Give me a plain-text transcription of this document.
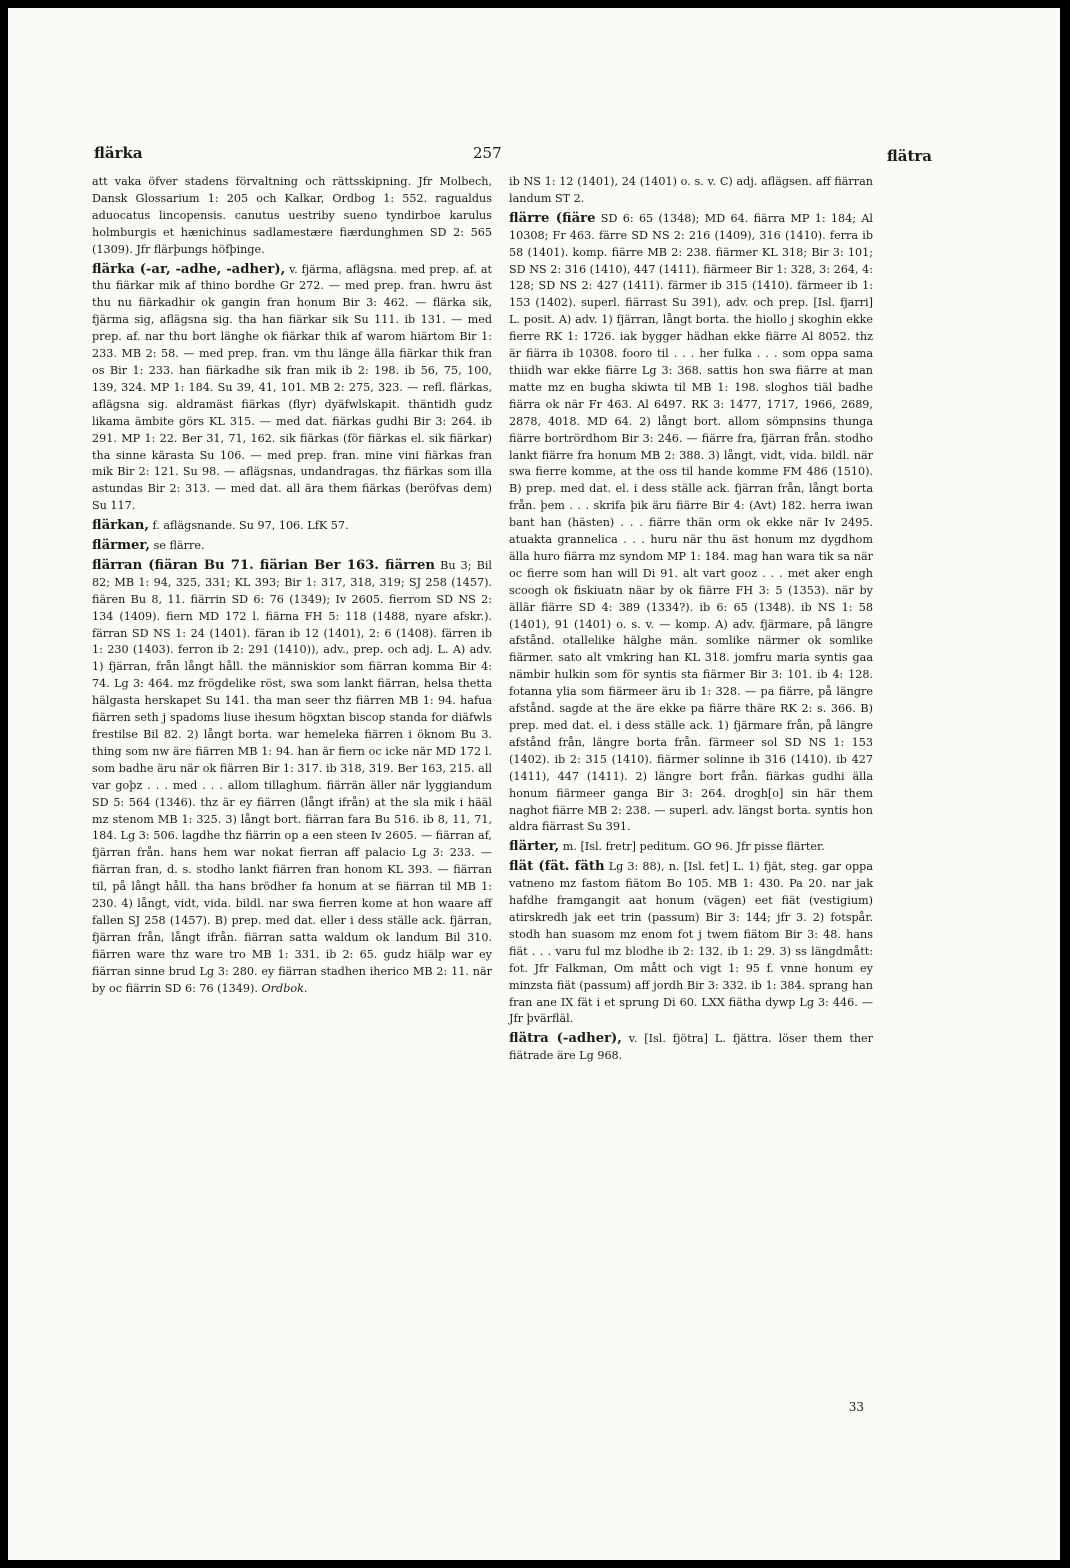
flärka	257	flätra

att vaka öfver stadens förvaltning och rättsskipning. Jfr Molbech, Dansk Glossarium 1: 205 och Kalkar, Ordbog 1: 552. ragualdus aduocatus lincopensis. canutus uestriby sueno tyndirboe karulus holmburgis et hænichinus sadlamestære fiærdunghmen SD 2: 565 (1309). Jfr flärþungs höfþinge.

flärka (-ar, -adhe, -adher), v. fjärma, aflägsna. med prep. af. at thu fiärkar mik af thino bordhe Gr 272. — med prep. fran. hwru äst thu nu fiärkadhir ok gangin fran honum Bir 3: 462. — flärka sik, fjärma sig, aflägsna sig. tha han fiärkar sik Su 111. ib 131. — med prep. af. nar thu bort länghe ok fiärkar thik af warom hiärtom Bir 1: 233. MB 2: 58. — med prep. fran. vm thu länge älla fiärkar thik fran os Bir 1: 233. han fiärkadhe sik fran mik ib 2: 198. ib 56, 75, 100, 139, 324. MP 1: 184. Su 39, 41, 101. MB 2: 275, 323. — refl. flärkas, aflägsna sig. aldramäst fiärkas (flyr) dyäfwlskapit. thäntidh gudz likama ämbite görs KL 315. — med dat. fiärkas gudhi Bir 3: 264. ib 291. MP 1: 22. Ber 31, 71, 162. sik fiärkas (för fiärkas el. sik fiärkar) tha sinne kärasta Su 106. — med prep. fran. mine vini fiärkas fran mik Bir 2: 121. Su 98. — aflägsnas, undandragas. thz fiärkas som illa astundas Bir 2: 313. — med dat. all ära them fiärkas (beröfvas dem) Su 117.

flärkan, f. aflägsnande. Su 97, 106. LfK 57.

flärmer, se flärre.

flärran (fiäran Bu 71. fiärian Ber 163. fiärren Bu 3; Bil 82; MB 1: 94, 325, 331; KL 393; Bir 1: 317, 318, 319; SJ 258 (1457). fiären Bu 8, 11. fiärrin SD 6: 76 (1349); Iv 2605. fierrom SD NS 2: 134 (1409). fiern MD 172 l. fiärna FH 5: 118 (1488, nyare afskr.). färran SD NS 1: 24 (1401). färan ib 12 (1401), 2: 6 (1408). färren ib 1: 230 (1403). ferron ib 2: 291 (1410)), adv., prep. och adj. L. A) adv. 1) fjärran, från långt håll. the människior som fiärran komma Bir 4: 74. Lg 3: 464. mz frögdelike röst, swa som lankt fiärran, helsa thetta hälgasta herskapet Su 141. tha man seer thz fiärren MB 1: 94. hafua fiärren seth j spadoms liuse ihesum högxtan biscop standa for diäfwls frestilse Bil 82. 2) långt borta. war hemeleka fiärren i öknom Bu 3. thing som nw äre fiärren MB 1: 94. han är fiern oc icke när MD 172 l. som badhe äru när ok fiärren Bir 1: 317. ib 318, 319. Ber 163, 215. all var goþz . . . med . . . allom tillaghum. fiärrän äller när lyggiandum SD 5: 564 (1346). thz är ey fiärren (långt ifrån) at the sla mik i hääl mz stenom MB 1: 325. 3) långt bort. fiärran fara Bu 516. ib 8, 11, 71, 184. Lg 3: 506. lagdhe thz fiärrin op a een steen Iv 2605. — fiärran af, fjärran från. hans hem war nokat fierran aff palacio Lg 3: 233. — fiärran fran, d. s. stodho lankt fiärren fran honom KL 393. — fiärran til, på långt håll. tha hans brödher fa honum at se fiärran til MB 1: 230. 4) långt, vidt, vida. bildl. nar swa fierren kome at hon waare aff fallen SJ 258 (1457). B) prep. med dat. eller i dess ställe ack. fjärran, fjärran från, långt ifrån. fiärran satta waldum ok landum Bil 310. fiärren ware thz ware tro MB 1: 331. ib 2: 65. gudz hiälp war ey fiärran sinne brud Lg 3: 280. ey fiärran stadhen iherico MB 2: 11. när by oc fiärrin SD 6: 76 (1349). Ordbok.

ib NS 1: 12 (1401), 24 (1401) o. s. v. C) adj. aflägsen. aff fiärran landum ST 2.

flärre (fiäre SD 6: 65 (1348); MD 64. fiärra MP 1: 184; Al 10308; Fr 463. färre SD NS 2: 216 (1409), 316 (1410). ferra ib 58 (1401). komp. fiärre MB 2: 238. fiärmer KL 318; Bir 3: 101; SD NS 2: 316 (1410), 447 (1411). fiärmeer Bir 1: 328, 3: 264, 4: 128; SD NS 2: 427 (1411). färmer ib 315 (1410). färmeer ib 1: 153 (1402). superl. fiärrast Su 391), adv. och prep. [Isl. fjarri] L. posit. A) adv. 1) fjärran, långt borta. the hiollo j skoghin ekke fierre RK 1: 1726. iak bygger hädhan ekke fiärre Al 8052. thz är fiärra ib 10308. fooro til . . . her fulka . . . som oppa sama thiidh war ekke fiärre Lg 3: 368. sattis hon swa fiärre at man matte mz en bugha skiwta til MB 1: 198. sloghos tiäl badhe fiärra ok när Fr 463. Al 6497. RK 3: 1477, 1717, 1966, 2689, 2878, 4018. MD 64. 2) långt bort. allom sömpnsins thunga fiärre bortrördhom Bir 3: 246. — fiärre fra, fjärran från. stodho lankt fiärre fra honum MB 2: 388. 3) långt, vidt, vida. bildl. när swa fierre komme, at the oss til hande komme FM 486 (1510). B) prep. med dat. el. i dess ställe ack. fjärran från, långt borta från. þem . . . skrifa þik äru fiärre Bir 4: (Avt) 182. herra iwan bant han (hästen) . . . fiärre thän orm ok ekke när Iv 2495. atuakta grannelica . . . huru när thu äst honum mz dygdhom älla huro fiärra mz syndom MP 1: 184. mag han wara tik sa när oc fierre som han will Di 91. alt vart gooz . . . met aker engh scoogh ok fiskiuatn näar by ok fiärre FH 3: 5 (1353). när by ällär fiärre SD 4: 389 (1334?). ib 6: 65 (1348). ib NS 1: 58 (1401), 91 (1401) o. s. v. — komp. A) adv. fjärmare, på längre afstånd. otallelike hälghe män. somlike närmer ok somlike fiärmer. sato alt vmkring han KL 318. jomfru maria syntis gaa nämbir hulkin som för syntis sta fiärmer Bir 3: 101. ib 4: 128. fotanna ylia som fiärmeer äru ib 1: 328. — pa fiärre, på längre afstånd. sagde at the äre ekke pa fiärre thäre RK 2: s. 366. B) prep. med dat. el. i dess ställe ack. 1) fjärmare från, på längre afstånd från, längre borta från. färmeer sol SD NS 1: 153 (1402). ib 2: 315 (1410). fiärmer solinne ib 316 (1410). ib 427 (1411), 447 (1411). 2) längre bort från. fiärkas gudhi älla honum fiärmeer ganga Bir 3: 264. drogh[o] sin här them naghot fiärre MB 2: 238. — superl. adv. längst borta. syntis hon aldra fiärrast Su 391.

flärter, m. [Isl. fretr] peditum. GO 96. Jfr pisse flärter.

flät (fät. fäth Lg 3: 88), n. [Isl. fet] L. 1) fjät, steg. gar oppa vatneno mz fastom fiätom Bo 105. MB 1: 430. Pa 20. nar jak hafdhe framgangit aat honum (vägen) eet fiät (vestigium) atirskredh jak eet trin (passum) Bir 3: 144; jfr 3. 2) fotspår. stodh han suasom mz enom fot j twem fiätom Bir 3: 48. hans fiät . . . varu ful mz blodhe ib 2: 132. ib 1: 29. 3) ss längdmått: fot. Jfr Falkman, Om mått och vigt 1: 95 f. vnne honum ey minzsta fiät (passum) aff jordh Bir 3: 332. ib 1: 384. sprang han fran ane IX fät i et sprung Di 60. LXX fiätha dywp Lg 3: 446. — Jfr þvärfläl.

flätra (-adher), v. [Isl. fjötra] L. fjättra. löser them ther fiätrade äre Lg 968.

33
